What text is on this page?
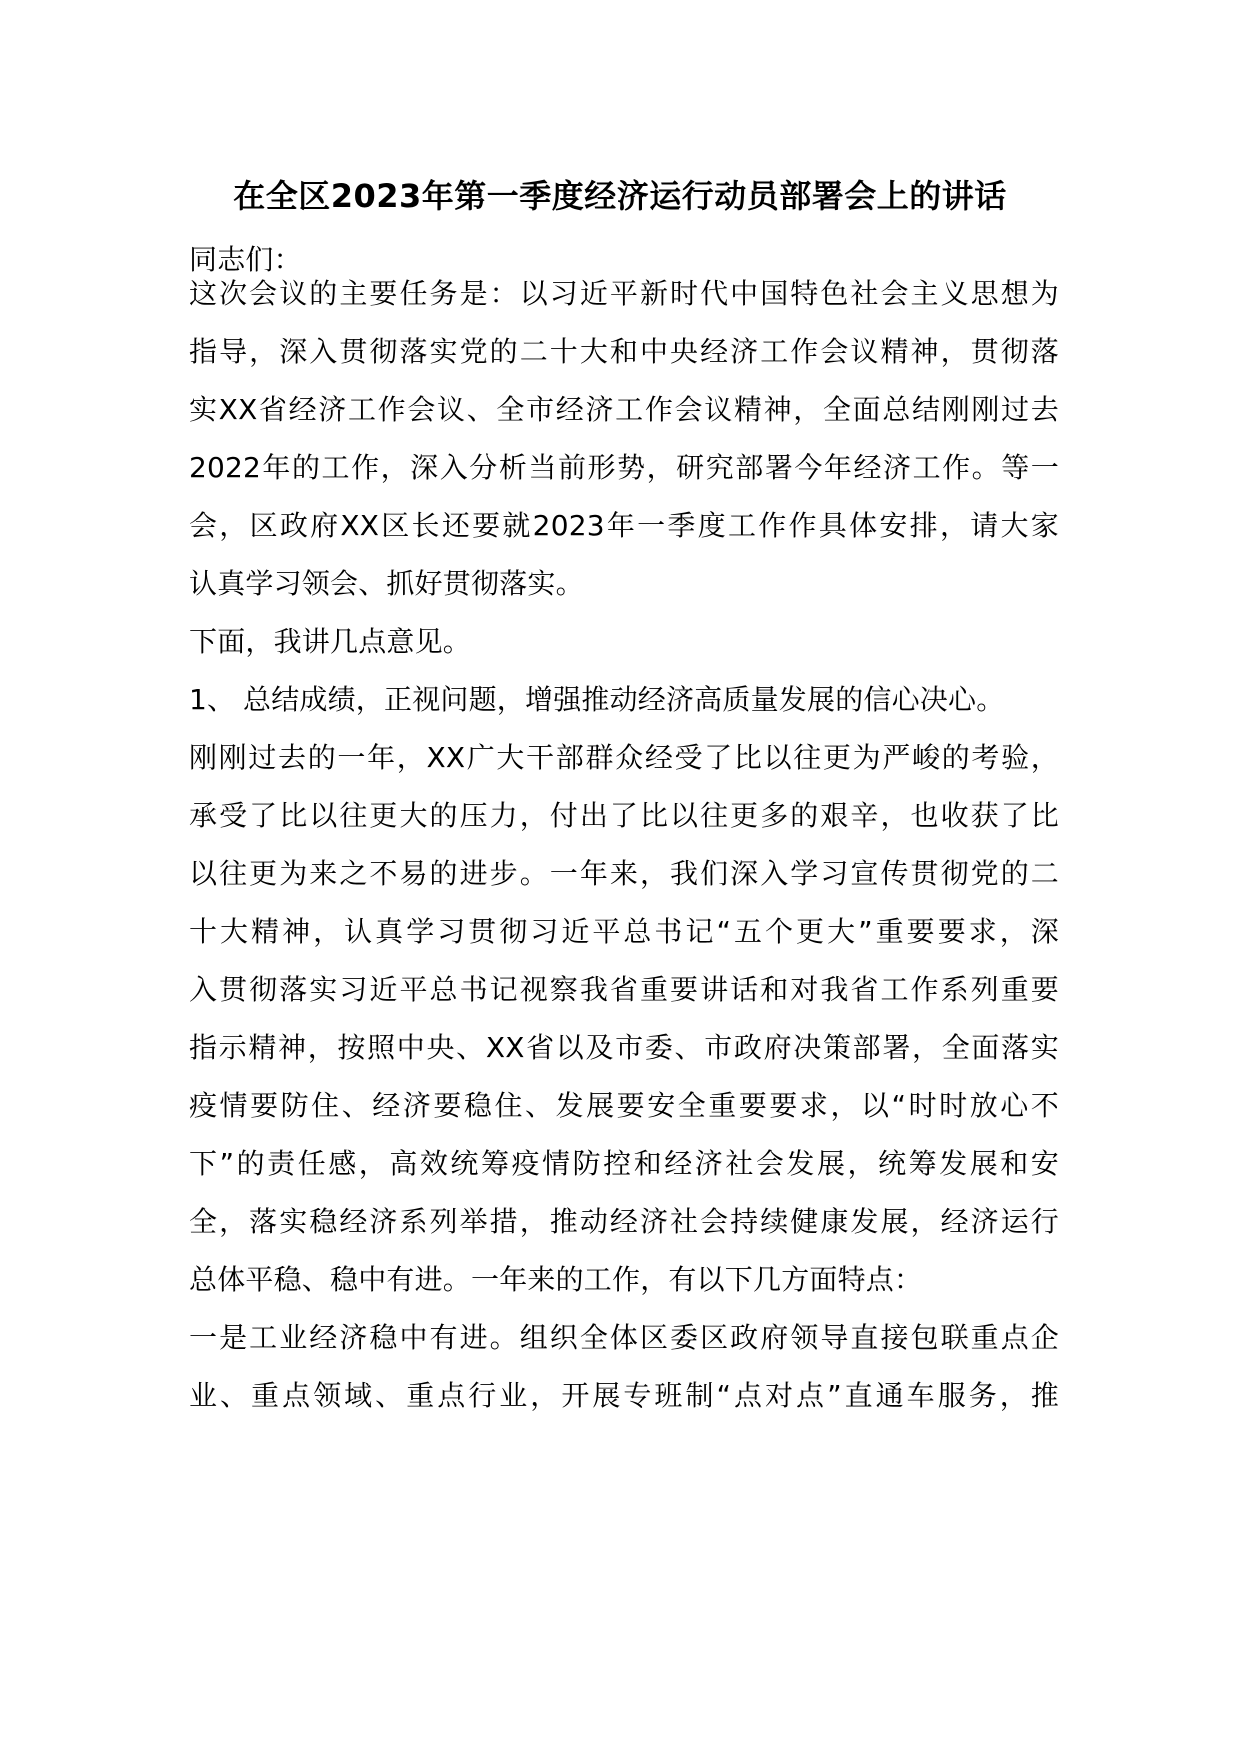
在全区2023年第一季度经济运行动员部署会上的讲话
同志们：
这次会议的主要任务是：以习近平新时代中国特色社会主义思想为
指导，深入贯彻落实党的二十大和中央经济工作会议精神，贯彻落
实XX省经济工作会议、全市经济工作会议精神，全面总结刚刚过去
2022年的工作，深入分析当前形势，研究部署今年经济工作。等一
会，区政府XX区长还要就2023年一季度工作作具体安排，请大家
认真学习领会、抓好贯彻落实。
下面，我讲几点意见。
1、 总结成绩，正视问题，增强推动经济高质量发展的信心决心。
刚刚过去的一年，XX广大干部群众经受了比以往更为严峻的考验，
承受了比以往更大的压力，付出了比以往更多的艰辛，也收获了比
以往更为来之不易的进步。一年来，我们深入学习宣传贯彻党的二
十大精神，认真学习贯彻习近平总书记“五个更大”重要要求，深
入贯彻落实习近平总书记视察我省重要讲话和对我省工作系列重要
指示精神，按照中央、XX省以及市委、市政府决策部署，全面落实
疫情要防住、经济要稳住、发展要安全重要要求，以“时时放心不
下”的责任感，高效统筹疫情防控和经济社会发展，统筹发展和安
全，落实稳经济系列举措，推动经济社会持续健康发展，经济运行
总体平稳、稳中有进。一年来的工作，有以下几方面特点：
一是工业经济稳中有进。组织全体区委区政府领导直接包联重点企
业、重点领域、重点行业，开展专班制“点对点”直通车服务，推
